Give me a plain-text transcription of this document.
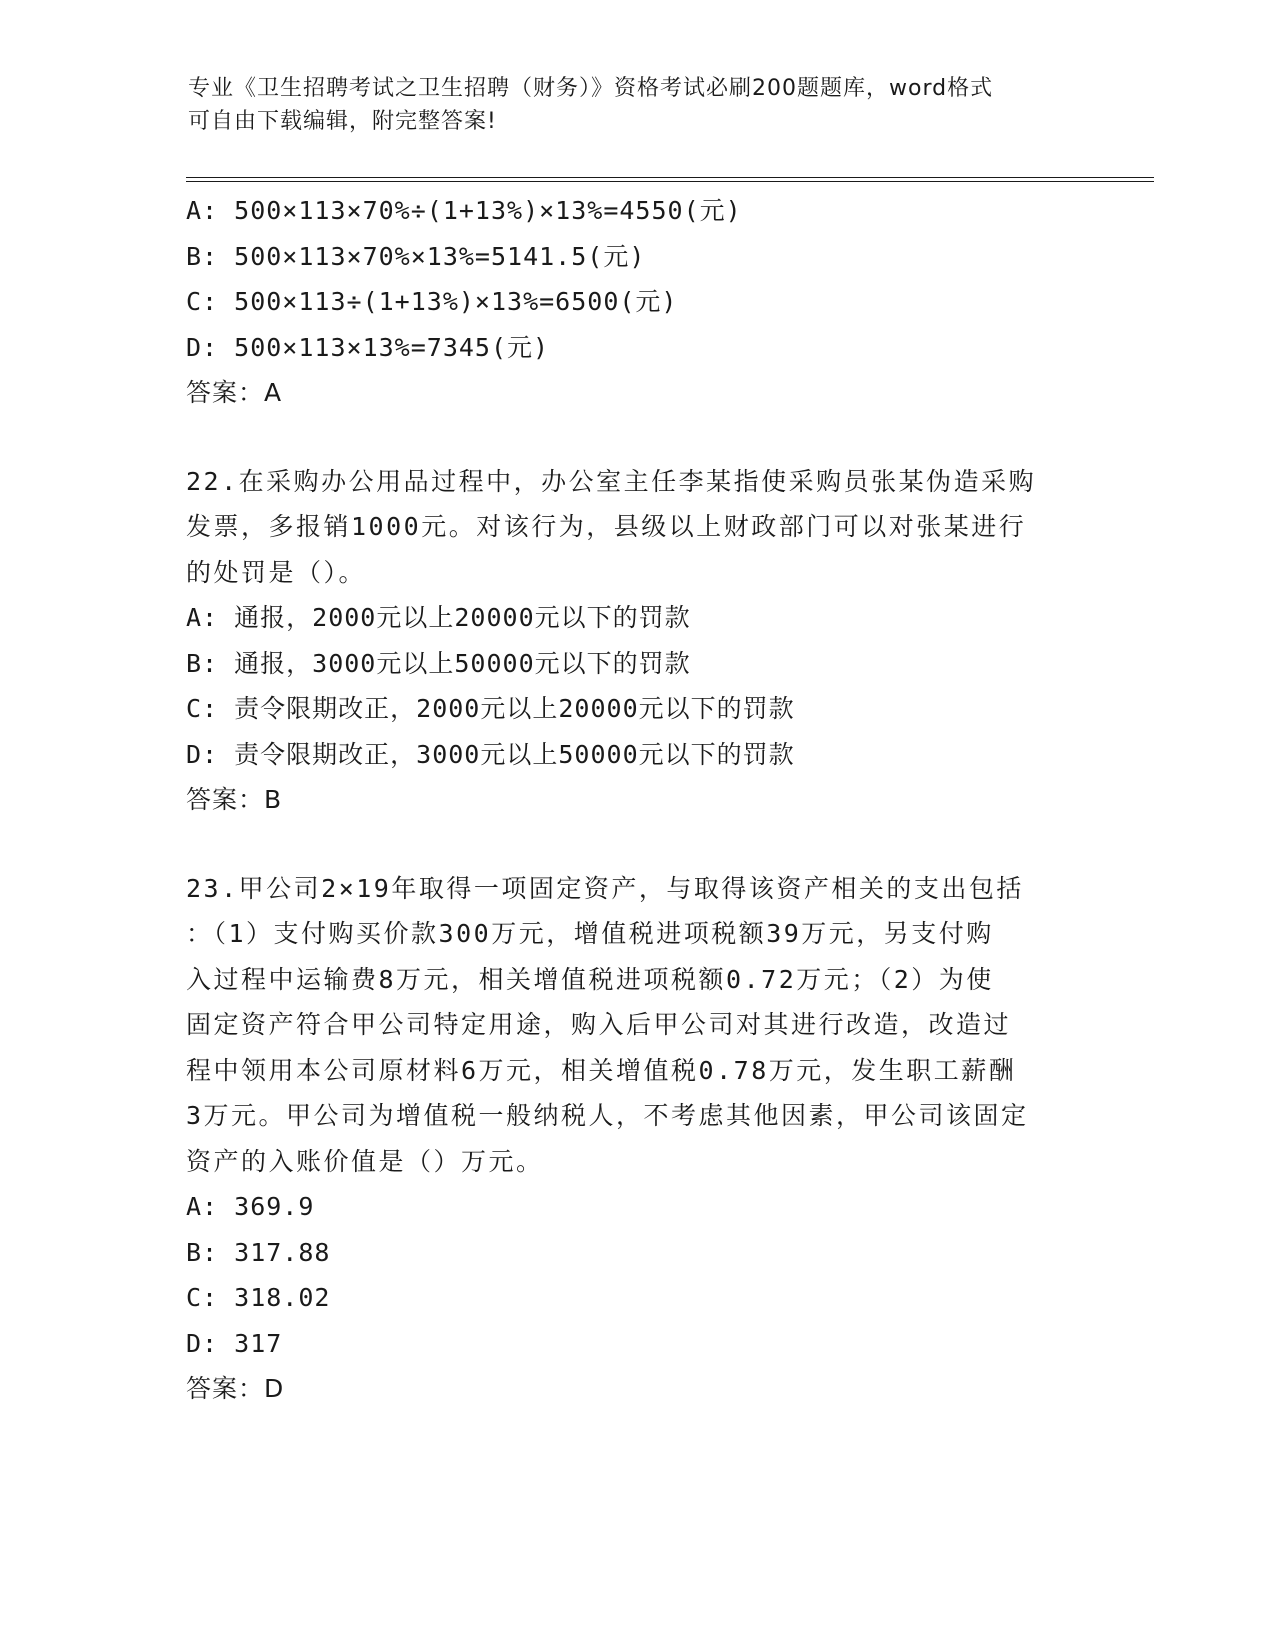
专业《卫生招聘考试之卫生招聘（财务）》资格考试必刷200题题库，word格式
可自由下载编辑，附完整答案!
A: 500×113×70%÷(1+13%)×13%=4550(元)
B: 500×113×70%×13%=5141.5(元)
C: 500×113÷(1+13%)×13%=6500(元)
D: 500×113×13%=7345(元)
答案：A
22.在采购办公用品过程中，办公室主任李某指使采购员张某伪造采购
发票，多报销1000元。对该行为，县级以上财政部门可以对张某进行
的处罚是（）。
A: 通报，2000元以上20000元以下的罚款
B: 通报，3000元以上50000元以下的罚款
C: 责令限期改正，2000元以上20000元以下的罚款
D: 责令限期改正，3000元以上50000元以下的罚款
答案：B
23.甲公司2×19年取得一项固定资产，与取得该资产相关的支出包括
：（1）支付购买价款300万元，增值税进项税额39万元，另支付购
入过程中运输费8万元，相关增值税进项税额0.72万元；（2）为使
固定资产符合甲公司特定用途，购入后甲公司对其进行改造，改造过
程中领用本公司原材料6万元，相关增值税0.78万元，发生职工薪酬
3万元。甲公司为增值税一般纳税人，不考虑其他因素，甲公司该固定
资产的入账价值是（）万元。
A: 369.9
B: 317.88
C: 318.02
D: 317
答案：D
